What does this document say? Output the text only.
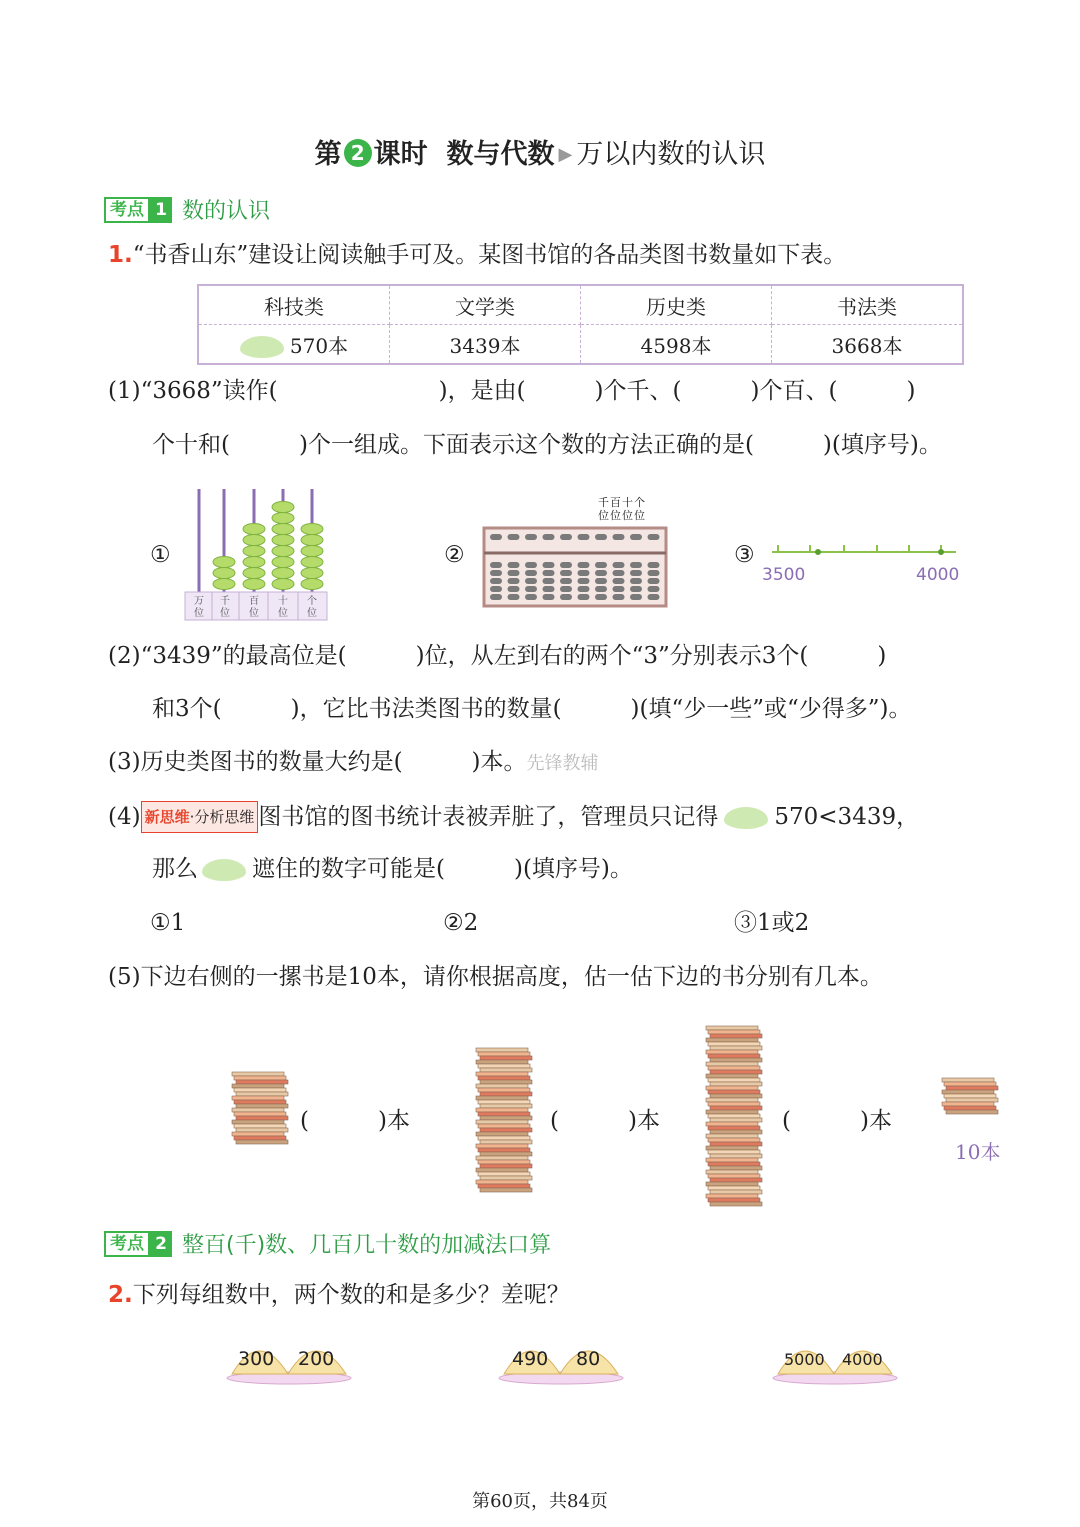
第 2 课时 数与代数 ▶ 万以内数的认识
考点 1 数的认识
1.“书香山东”建设让阅读触手可及。某图书馆的各品类图书数量如下表。
科技类	文学类	历史类	书法类
570本	3439本	4598本	3668本
(1)“3668”读作(　　　　　　　)，是由(　　　)个千、(　　　)个百、(　　　)
个十和(　　　)个一组成。下面表示这个数的方法正确的是(　　　)(填序号)。
①
万
位
千
位
百
位
十
位
个
位
②
千百十个
位位位位
③
3500	4000
(2)“3439”的最高位是(　　　)位，从左到右的两个“3”分别表示3个(　　　)
和3个(　　　)，它比书法类图书的数量(　　　)(填“少一些”或“少得多”)。
(3)历史类图书的数量大约是(　　　)本。先锋教辅
(4) 新思维·分析思维 图书馆的图书统计表被弄脏了，管理员只记得 570<3439，
那么 遮住的数字可能是(　　　)(填序号)。
①1	②2	③1或2
(5)下边右侧的一摞书是10本，请你根据高度，估一估下边的书分别有几本。
(　　　)本	(　　　)本	(　　　)本
10本
考点 2 整百(千)数、几百几十数的加减法口算
2.下列每组数中，两个数的和是多少？差呢？
300 200	490 80	5000 4000
第60页，共84页
